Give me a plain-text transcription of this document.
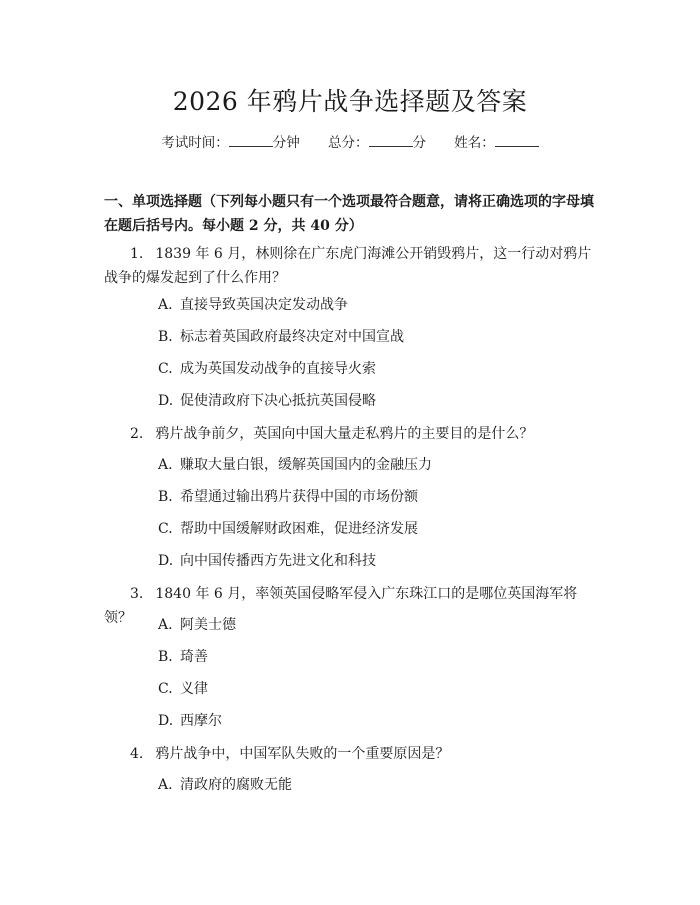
2026 年鸦片战争选择题及答案
考试时间：	分钟 总分：	分 姓名：
一、单项选择题（下列每小题只有一个选项最符合题意，请将正确选项的字母填在题后括号内。每小题 2 分，共 40 分）
1. 1839 年 6 月，林则徐在广东虎门海滩公开销毁鸦片，这一行动对鸦片战争的爆发起到了什么作用？
A. 直接导致英国决定发动战争
B. 标志着英国政府最终决定对中国宣战
C. 成为英国发动战争的直接导火索
D. 促使清政府下决心抵抗英国侵略
2. 鸦片战争前夕，英国向中国大量走私鸦片的主要目的是什么？
A. 赚取大量白银，缓解英国国内的金融压力
B. 希望通过输出鸦片获得中国的市场份额
C. 帮助中国缓解财政困难，促进经济发展
D. 向中国传播西方先进文化和科技
3. 1840 年 6 月，率领英国侵略军侵入广东珠江口的是哪位英国海军将领？	A. 阿美士德
B. 琦善
C. 义律
D. 西摩尔
4. 鸦片战争中，中国军队失败的一个重要原因是？
A. 清政府的腐败无能
